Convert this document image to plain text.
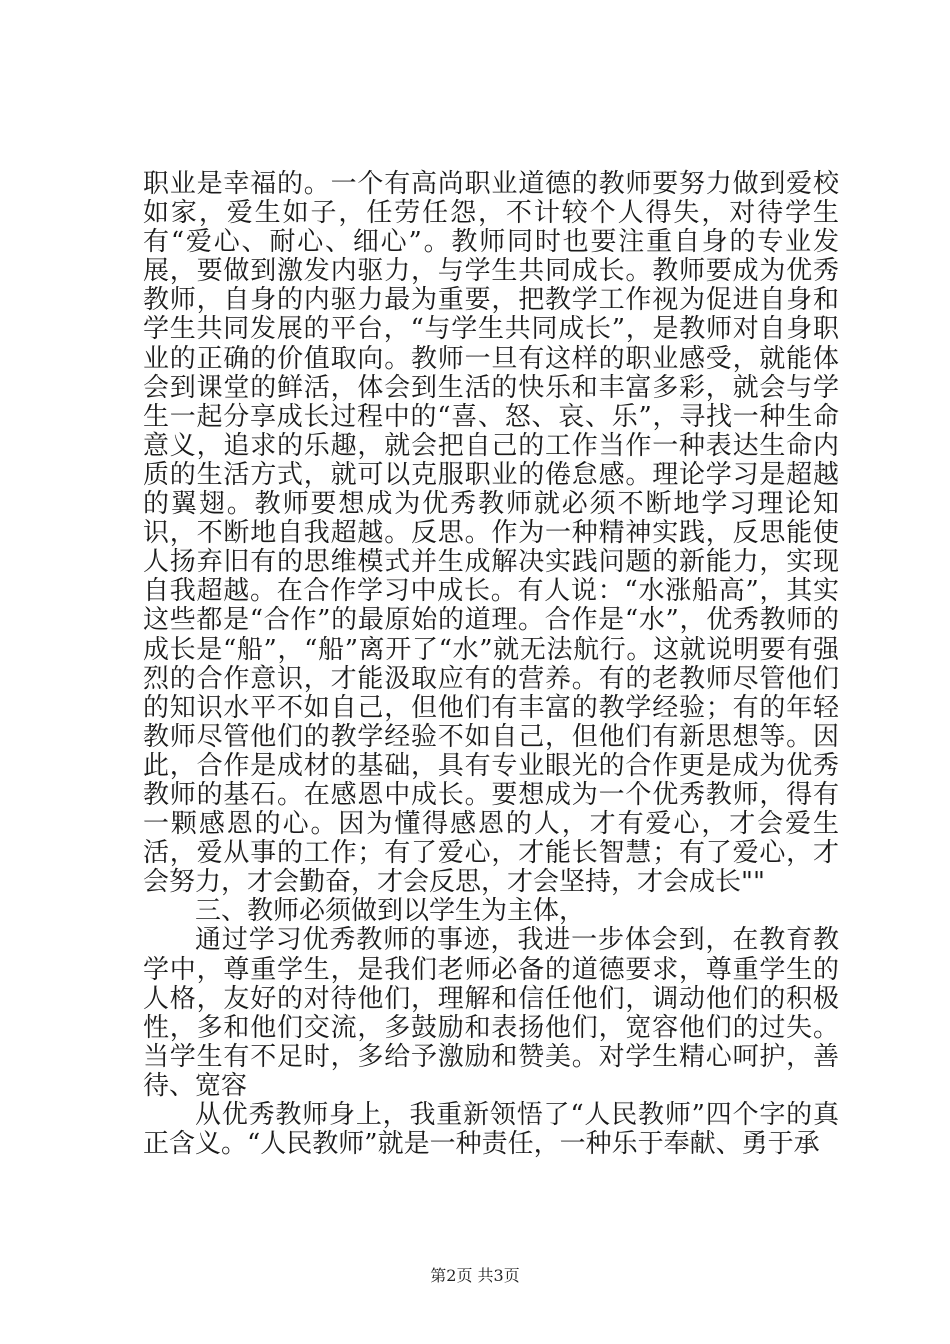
职业是幸福的。一个有高尚职业道德的教师要努力做到爱校如家，爱生如子，任劳任怨，不计较个人得失，对待学生有“爱心、耐心、细心”。教师同时也要注重自身的专业发展，要做到激发内驱力，与学生共同成长。教师要成为优秀教师，自身的内驱力最为重要，把教学工作视为促进自身和学生共同发展的平台，“与学生共同成长”，是教师对自身职业的正确的价值取向。教师一旦有这样的职业感受，就能体会到课堂的鲜活，体会到生活的快乐和丰富多彩，就会与学生一起分享成长过程中的“喜、怒、哀、乐”，寻找一种生命意义，追求的乐趣，就会把自己的工作当作一种表达生命内质的生活方式，就可以克服职业的倦怠感。理论学习是超越的翼翅。教师要想成为优秀教师就必须不断地学习理论知识，不断地自我超越。反思。作为一种精神实践，反思能使人扬弃旧有的思维模式并生成解决实践问题的新能力，实现自我超越。在合作学习中成长。有人说：“水涨船高”，其实这些都是“合作”的最原始的道理。合作是“水”，优秀教师的成长是“船”，“船”离开了“水”就无法航行。这就说明要有强烈的合作意识，才能汲取应有的营养。有的老教师尽管他们的知识水平不如自己，但他们有丰富的教学经验；有的年轻教师尽管他们的教学经验不如自己，但他们有新思想等。因此，合作是成材的基础，具有专业眼光的合作更是成为优秀教师的基石。在感恩中成长。要想成为一个优秀教师，得有一颗感恩的心。因为懂得感恩的人，才有爱心，才会爱生活，爱从事的工作；有了爱心，才能长智慧；有了爱心，才会努力，才会勤奋，才会反思，才会坚持，才会成长""

三、教师必须做到以学生为主体，

通过学习优秀教师的事迹，我进一步体会到，在教育教学中，尊重学生，是我们老师必备的道德要求，尊重学生的人格，友好的对待他们，理解和信任他们，调动他们的积极性，多和他们交流，多鼓励和表扬他们，宽容他们的过失。当学生有不足时，多给予激励和赞美。对学生精心呵护，善待、宽容

从优秀教师身上，我重新领悟了“人民教师”四个字的真正含义。“人民教师”就是一种责任，一种乐于奉献、勇于承

第2页 共3页
